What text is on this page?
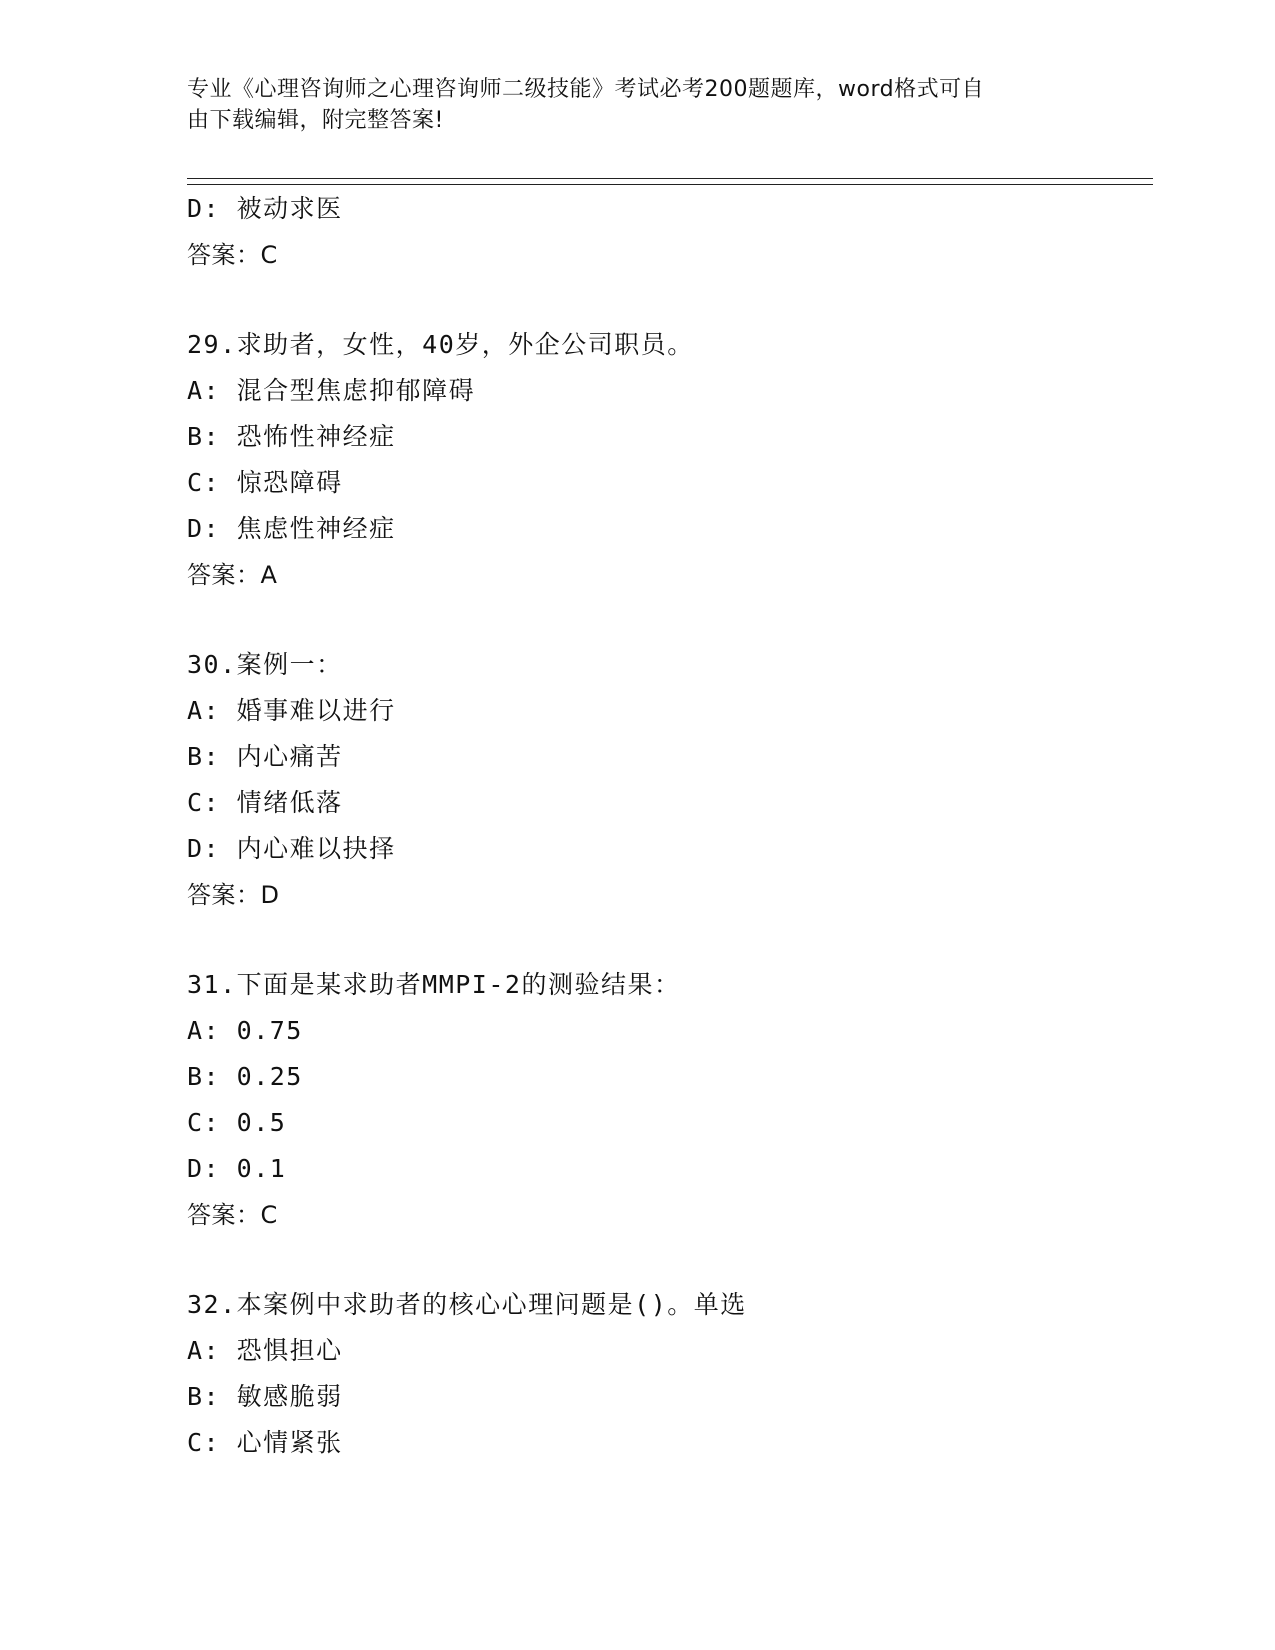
专业《心理咨询师之心理咨询师二级技能》考试必考200题题库，word格式可自
由下载编辑，附完整答案!
D: 被动求医
答案：C
29.求助者，女性，40岁，外企公司职员。
A: 混合型焦虑抑郁障碍
B: 恐怖性神经症
C: 惊恐障碍
D: 焦虑性神经症
答案：A
30.案例一：
A: 婚事难以进行
B: 内心痛苦
C: 情绪低落
D: 内心难以抉择
答案：D
31.下面是某求助者MMPI-2的测验结果：
A: 0.75
B: 0.25
C: 0.5
D: 0.1
答案：C
32.本案例中求助者的核心心理问题是()。单选
A: 恐惧担心
B: 敏感脆弱
C: 心情紧张
